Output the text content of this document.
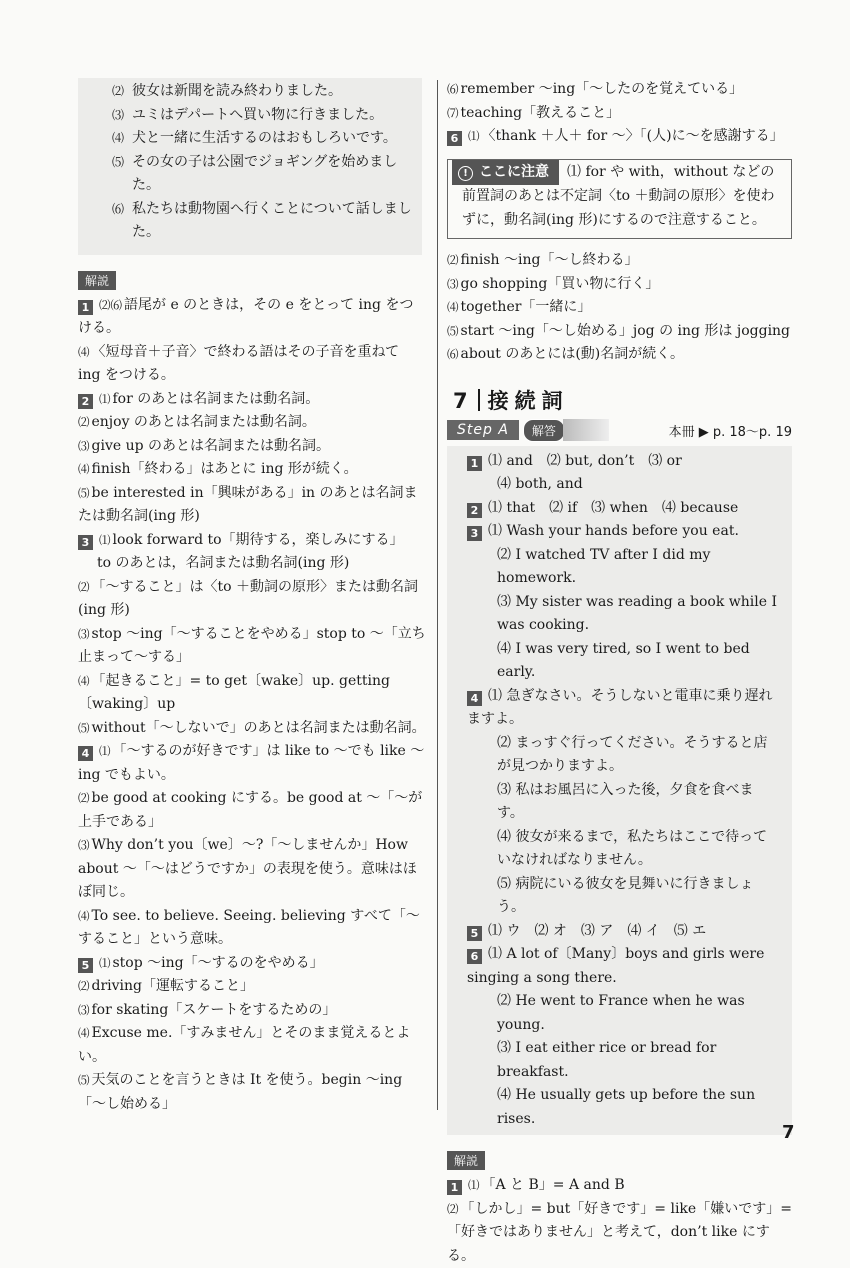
⑵ 彼女は新聞を読み終わりました。
⑶ ユミはデパートへ買い物に行きました。
⑷ 犬と一緒に生活するのはおもしろいです。
⑸ その女の子は公園でジョギングを始めました。
⑹ 私たちは動物園へ行くことについて話しました。
解説
1 ⑵⑹ 語尾が e のときは，その e をとって ing をつける。
⑷ 〈短母音＋子音〉で終わる語はその子音を重ねて ing をつける。
2 ⑴ for のあとは名詞または動名詞。
⑵ enjoy のあとは名詞または動名詞。
⑶ give up のあとは名詞または動名詞。
⑷ finish「終わる」はあとに ing 形が続く。
⑸ be interested in「興味がある」in のあとは名詞または動名詞(ing 形)
3 ⑴ look forward to「期待する，楽しみにする」
to のあとは，名詞または動名詞(ing 形)
⑵ 「～すること」は〈to ＋動詞の原形〉または動名詞(ing 形)
⑶ stop ～ing「～することをやめる」stop to ～「立ち止まって～する」
⑷ 「起きること」= to get〔wake〕up. getting〔waking〕up
⑸ without「～しないで」のあとは名詞または動名詞。
4 ⑴ 「～するのが好きです」は like to ～でも like ～ing でもよい。
⑵ be good at cooking にする。be good at ～「～が上手である」
⑶ Why don’t you〔we〕～?「～しませんか」How about ～「～はどうですか」の表現を使う。意味はほぼ同じ。
⑷ To see. to believe. Seeing. believing すべて「～すること」という意味。
5 ⑴ stop ～ing「～するのをやめる」
⑵ driving「運転すること」
⑶ for skating「スケートをするための」
⑷ Excuse me.「すみません」とそのまま覚えるとよい。
⑸ 天気のことを言うときは It を使う。begin ～ing「～し始める」
⑹ remember ～ing「～したのを覚えている」
⑺ teaching「教えること」
6 ⑴ 〈thank ＋人＋ for ～〉「(人)に～を感謝する」
! ここに注意 ⑴ for や with，without などの前置詞のあとは不定詞〈to ＋動詞の原形〉を使わずに，動名詞(ing 形)にするので注意すること。
⑵ finish ～ing「～し終わる」
⑶ go shopping「買い物に行く」
⑷ together「一緒に」
⑸ start ～ing「～し始める」jog の ing 形は jogging
⑹ about のあとには(動)名詞が続く。
7 接続詞
Step A	解答	本冊 ▶ p. 18～p. 19
1 ⑴ and　⑵ but, don’t　⑶ or
⑷ both, and
2 ⑴ that　⑵ if　⑶ when　⑷ because
3 ⑴ Wash your hands before you eat.
⑵ I watched TV after I did my homework.
⑶ My sister was reading a book while I was cooking.
⑷ I was very tired, so I went to bed early.
4 ⑴ 急ぎなさい。そうしないと電車に乗り遅れますよ。
⑵ まっすぐ行ってください。そうすると店が見つかりますよ。
⑶ 私はお風呂に入った後，夕食を食べます。
⑷ 彼女が来るまで，私たちはここで待っていなければなりません。
⑸ 病院にいる彼女を見舞いに行きましょう。
5 ⑴ ウ　⑵ オ　⑶ ア　⑷ イ　⑸ エ
6 ⑴ A lot of〔Many〕boys and girls were singing a song there.
⑵ He went to France when he was young.
⑶ I eat either rice or bread for breakfast.
⑷ He usually gets up before the sun rises.
解説
1 ⑴ 「A と B」= A and B
⑵ 「しかし」= but「好きです」= like「嫌いです」=「好きではありません」と考えて，don’t like にする。
7
